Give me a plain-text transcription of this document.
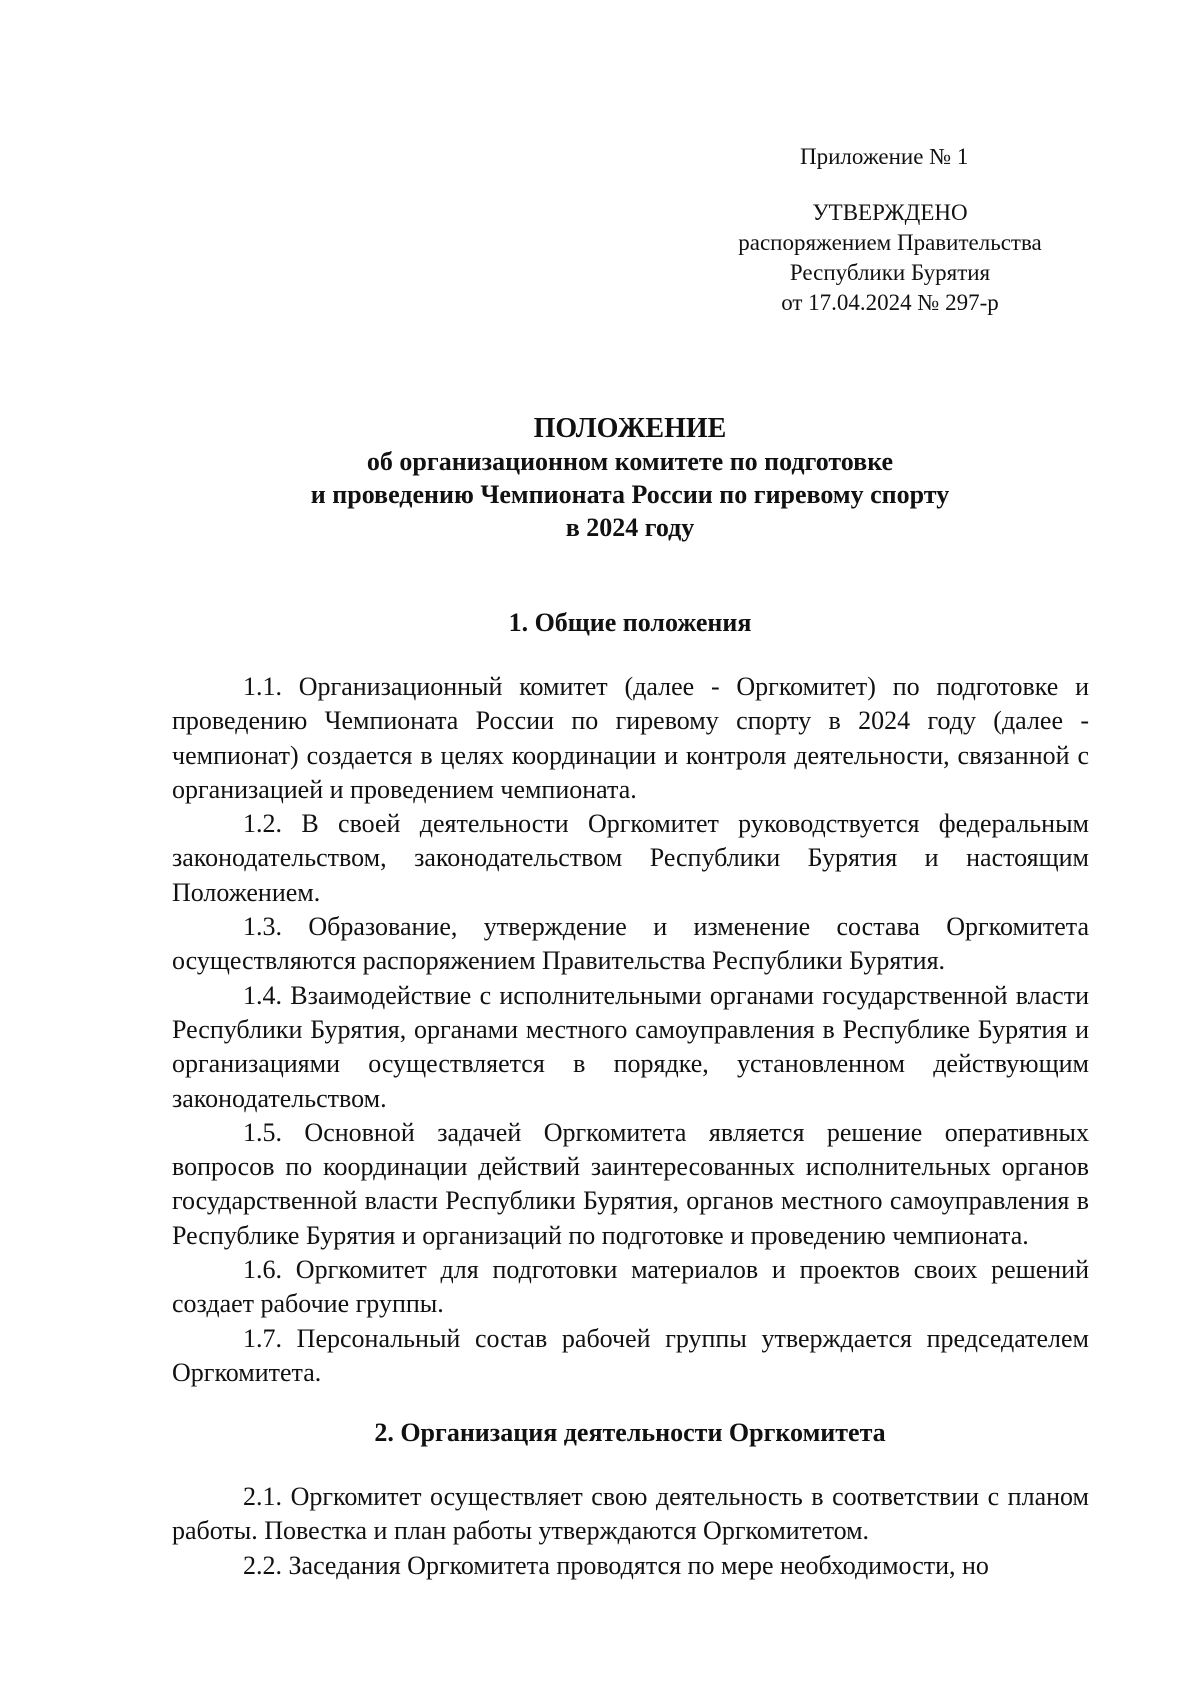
Приложение № 1
УТВЕРЖДЕНО
распоряжением Правительства
Республики Бурятия
от 17.04.2024 № 297-р
ПОЛОЖЕНИЕ
об организационном комитете по подготовке
и проведению Чемпионата России по гиревому спорту
в 2024 году
1. Общие положения

1.1. Организационный комитет (далее - Оргкомитет) по подготовке и проведению Чемпионата России по гиревому спорту в 2024 году (далее - чемпионат) создается в целях координации и контроля деятельности, связанной с организацией и проведением чемпионата.

1.2. В своей деятельности Оргкомитет руководствуется федеральным законодательством, законодательством Республики Бурятия и настоящим Положением.

1.3. Образование, утверждение и изменение состава Оргкомитета осуществляются распоряжением Правительства Республики Бурятия.

1.4. Взаимодействие с исполнительными органами государственной власти Республики Бурятия, органами местного самоуправления в Республике Бурятия и организациями осуществляется в порядке, установленном действующим законодательством.

1.5. Основной задачей Оргкомитета является решение оперативных вопросов по координации действий заинтересованных исполнительных органов государственной власти Республики Бурятия, органов местного самоуправления в Республике Бурятия и организаций по подготовке и проведению чемпионата.

1.6. Оргкомитет для подготовки материалов и проектов своих решений создает рабочие группы.

1.7. Персональный состав рабочей группы утверждается председателем Оргкомитета.

2. Организация деятельности Оргкомитета

2.1. Оргкомитет осуществляет свою деятельность в соответствии с планом работы. Повестка и план работы утверждаются Оргкомитетом.

2.2. Заседания Оргкомитета проводятся по мере необходимости, но
